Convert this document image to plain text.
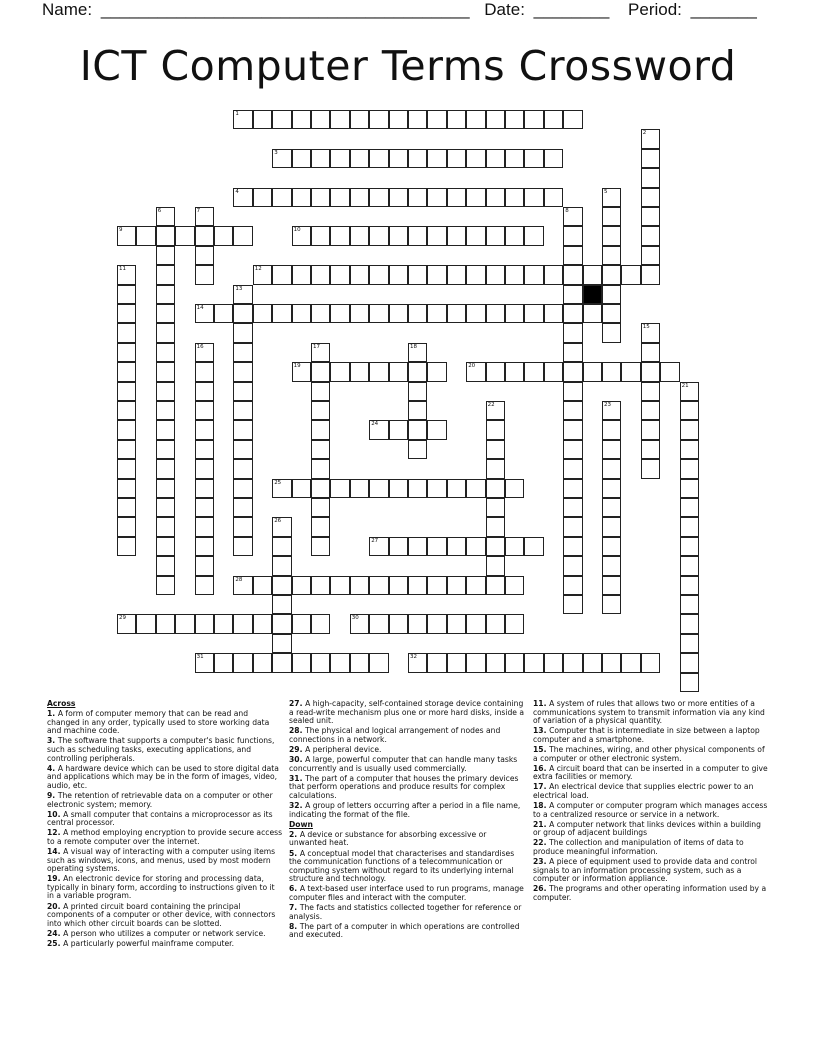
Name: _______________________________________ Date: ________ Period: _______
ICT Computer Terms Crossword
1
2
3
4	5
6	7	8
9	10
11	12
13
14
15
16	17	18
19	20
21
22	23
24
25
26
27
28
29	30
31	32

Across

1. A form of computer memory that can be read and changed in any order, typically used to store working data and machine code.

3. The software that supports a computer's basic functions, such as scheduling tasks, executing applications, and controlling peripherals.

4. A hardware device which can be used to store digital data and applications which may be in the form of images, video, audio, etc.

9. The retention of retrievable data on a computer or other electronic system; memory.

10. A small computer that contains a microprocessor as its central processor.

12. A method employing encryption to provide secure access to a remote computer over the internet.

14. A visual way of interacting with a computer using items such as windows, icons, and menus, used by most modern operating systems.

19. An electronic device for storing and processing data, typically in binary form, according to instructions given to it in a variable program.

20. A printed circuit board containing the principal components of a computer or other device, with connectors into which other circuit boards can be slotted.

24. A person who utilizes a computer or network service.

25. A particularly powerful mainframe computer.

27. A high-capacity, self-contained storage device containing a read-write mechanism plus one or more hard disks, inside a sealed unit.

28. The physical and logical arrangement of nodes and connections in a network.

29. A peripheral device.

30. A large, powerful computer that can handle many tasks concurrently and is usually used commercially.

31. The part of a computer that houses the primary devices that perform operations and produce results for complex calculations.

32. A group of letters occurring after a period in a file name, indicating the format of the file.

Down

2. A device or substance for absorbing excessive or unwanted heat.

5. A conceptual model that characterises and standardises the communication functions of a telecommunication or computing system without regard to its underlying internal structure and technology.

6. A text-based user interface used to run programs, manage computer files and interact with the computer.

7. The facts and statistics collected together for reference or analysis.

8. The part of a computer in which operations are controlled and executed.

11. A system of rules that allows two or more entities of a communications system to transmit information via any kind of variation of a physical quantity.

13. Computer that is intermediate in size between a laptop computer and a smartphone.

15. The machines, wiring, and other physical components of a computer or other electronic system.

16. A circuit board that can be inserted in a computer to give extra facilities or memory.

17. An electrical device that supplies electric power to an electrical load.

18. A computer or computer program which manages access to a centralized resource or service in a network.

21. A computer network that links devices within a building or group of adjacent buildings

22. The collection and manipulation of items of data to produce meaningful information.

23. A piece of equipment used to provide data and control signals to an information processing system, such as a computer or information appliance.

26. The programs and other operating information used by a computer.
